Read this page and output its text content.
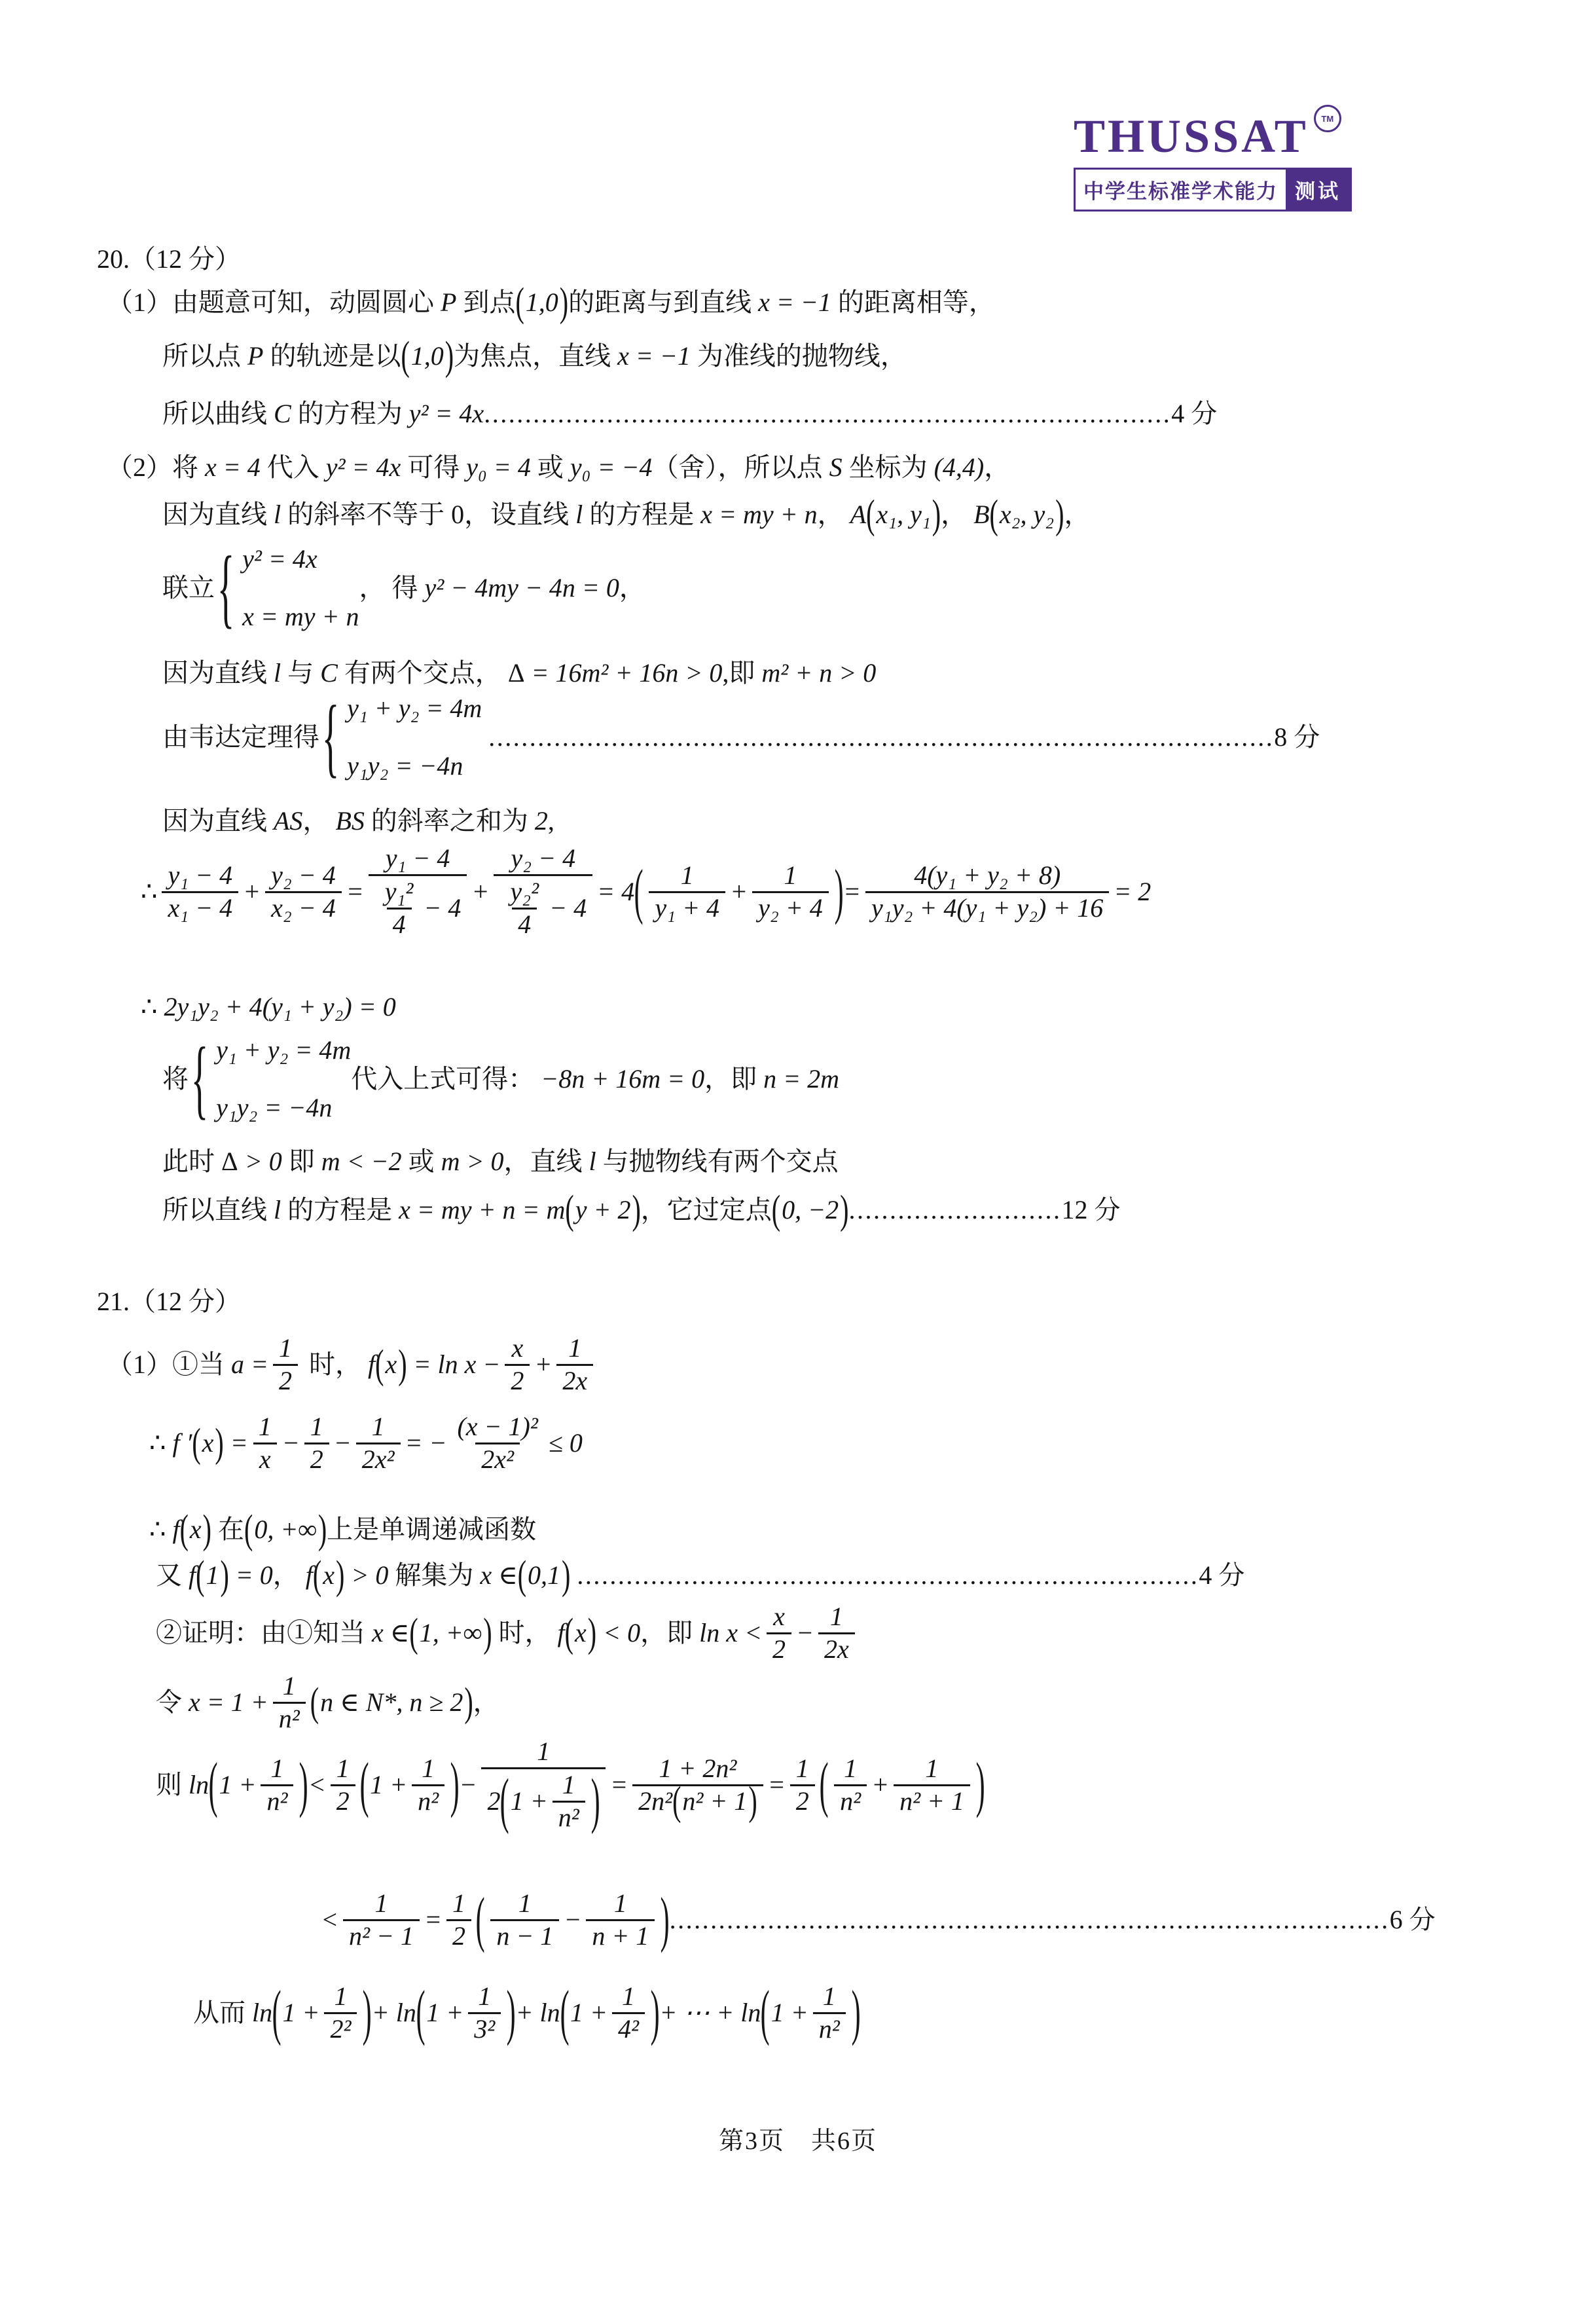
THUSSAT	TM
中学生标准学术能力 测试
20.（12 分）
（1）由题意可知，动圆圆心 P 到点 ( 1,0 ) 的距离与到直线 x = −1 的距离相等，
所以点 P 的轨迹是以 ( 1,0 ) 为焦点，直线 x = −1 为准线的抛物线，
所以曲线 C 的方程为 y² = 4x .................................................................................... 4 分
（2）将 x = 4 代入 y² = 4x 可得 y₀ = 4 或 y₀ = −4 （舍），所以点 S 坐标为 (4,4) ，
因为直线 l 的斜率不等于 0，设直线 l 的方程是 x = my + n ， A ( x₁, y₁ ) ， B ( x₂, y₂ ) ，
联立 { y² = 4x
x = my + n
， 得 y² − 4my − 4n = 0 ，
因为直线 l 与 C 有两个交点， Δ = 16m² + 16n > 0 ,即 m² + n > 0
由韦达定理得 { y₁ + y₂ = 4m
y₁y₂ = −4n

................................................................................................ 8 分
因为直线 AS ， BS 的斜率之和为 2 ,
∴ $\frac{\text{y₁ − 4}}{\text{x₁ − 4}} + \frac{\text{y₂ − 4}}{\text{x₂ − 4}} = \frac{\text{y₁ − 4}}{\frac{\text{y₁²}}{4} - 4} + \frac{\text{y₂ − 4}}{\frac{\text{y₂²}}{4} - 4} = 4$ ( $\frac{1}{\text{y₁ + 4}} + \frac{1}{\text{y₂ + 4}}$ ) = $\frac{\text{4(y₁ + y₂ + 8)}}{\text{y₁y₂ + 4(y₁ + y₂) + 16}} = 2$
∴ 2y₁y₂ + 4(y₁ + y₂) = 0
将 { y₁ + y₂ = 4m
y₁y₂ = −4n
代入上式可得： −8n + 16m = 0 ，即 n = 2m
此时 Δ > 0 即 m < −2 或 m > 0 ，直线 l 与抛物线有两个交点
所以直线 l 的方程是 x = my + n = m ( y + 2 ) ，它过定点 ( 0, −2 ) .......................... 12 分
21.（12 分）
（1）①当 $a = \frac{1}{2}$ 时， f ( x ) = $\ln x - \frac{x}{2} + \frac{1}{2x}$
∴ f ′ ( x ) = $\frac{1}{x} - \frac{1}{2} - \frac{1}{\text{2x²}}$ = − $\frac{\text{(x − 1)²}}{\text{2x²}} \le 0$
∴ f ( x ) 在 ( 0, +∞ ) 上是单调递减函数
又 f ( 1 ) = 0 ， f ( x ) > 0 解集为 x ∈ ( 0,1 )
............................................................................ 4 分
②证明：由①知当 x ∈ ( 1, +∞ ) 时， f ( x ) < 0 ，即 $\ln x < \frac{x}{2} - \frac{1}{2x}$
令 $x = 1 + \frac{1}{\text{n²}}$ ( n ∈ N*, n ≥ 2 ) ，
则 ln ( $1 + \frac{1}{\text{n²}}$ ) < $\frac{1}{2}$ ( $1 + \frac{1}{\text{n²}}$ ) − $\frac{1}{2 ( 1 + \frac{1}{\text{n²}} )} = \frac{\text{1 + 2n²}}{\text{2n² ( n² + 1 )}} = \frac{1}{2}$ ( $\frac{1}{\text{n²}} + \frac{1}{\text{n² + 1}}$ )
< $\frac{1}{\text{n² − 1}} = \frac{1}{2}$ ( $\frac{1}{n - 1} - \frac{1}{n + 1}$ ) ........................................................................................ 6 分
从而 ln ( $1 + \frac{1}{\text{2²}}$ ) + ln ( $1 + \frac{1}{\text{3²}}$ ) + ln ( $1 + \frac{1}{\text{4²}}$ ) + ⋯ + ln ( $1 + \frac{1}{\text{n²}}$ )
第3页　共6页
